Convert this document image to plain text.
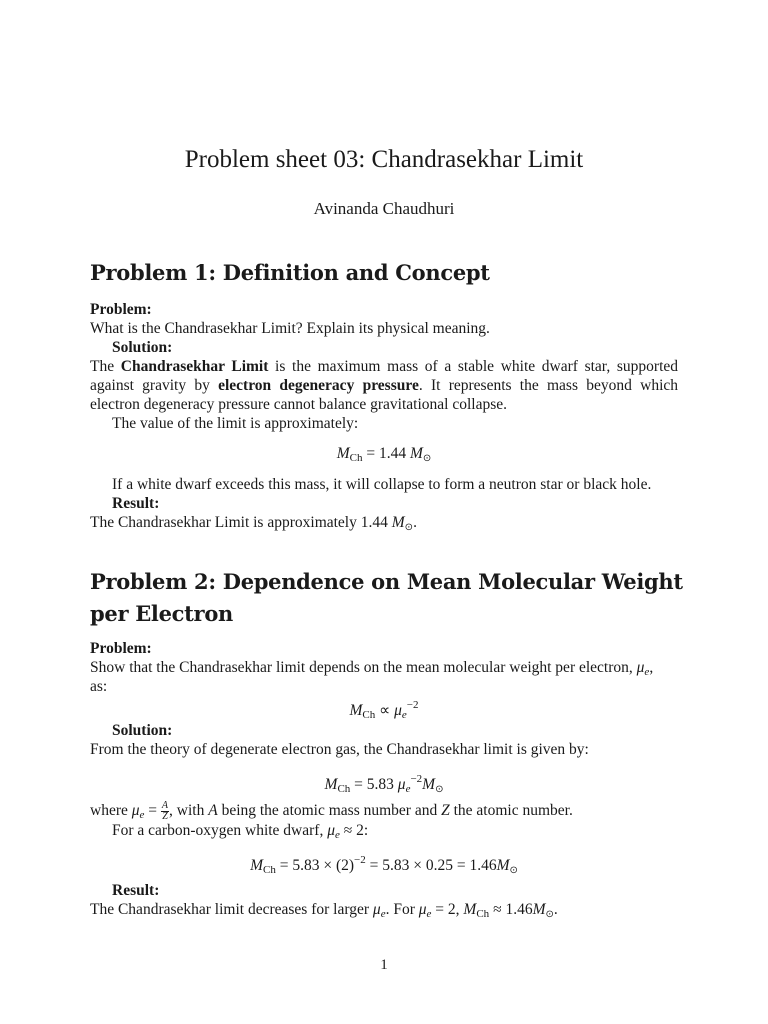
Problem sheet 03: Chandrasekhar Limit
Avinanda Chaudhuri
Problem 1: Definition and Concept
Problem:
What is the Chandrasekhar Limit? Explain its physical meaning.
Solution:
The Chandrasekhar Limit is the maximum mass of a stable white dwarf star, supported against gravity by electron degeneracy pressure. It represents the mass beyond which electron degeneracy pressure cannot balance gravitational collapse.
The value of the limit is approximately:
$M_{Ch} = 1.44$ M⊙
If a white dwarf exceeds this mass, it will collapse to form a neutron star or black hole.
Result:
The Chandrasekhar Limit is approximately 1.44 M⊙.
Problem 2: Dependence on Mean Molecular Weight per Electron
Problem:
Show that the Chandrasekhar limit depends on the mean molecular weight per electron, $\mu_e$,
as:
$M_{Ch} \propto \mu_e^{-2}$
Solution:
From the theory of degenerate electron gas, the Chandrasekhar limit is given by:
$M_{Ch} = 5.83$ $\mu_e^{-2}M⊙$
where $\mu_e = \frac{A}{Z}$ , with A being the atomic mass number and Z the atomic number.
For a carbon-oxygen white dwarf, $\mu_e \approx 2$:
$M_{Ch} = 5.83 \times (2)^{-2} = 5.83 \times 0.25$ = 1.46M⊙
Result:
The Chandrasekhar limit decreases for larger $\mu_e$. For $\mu_e = 2$, $M_{Ch}$ ≈ 1.46M⊙.
1
